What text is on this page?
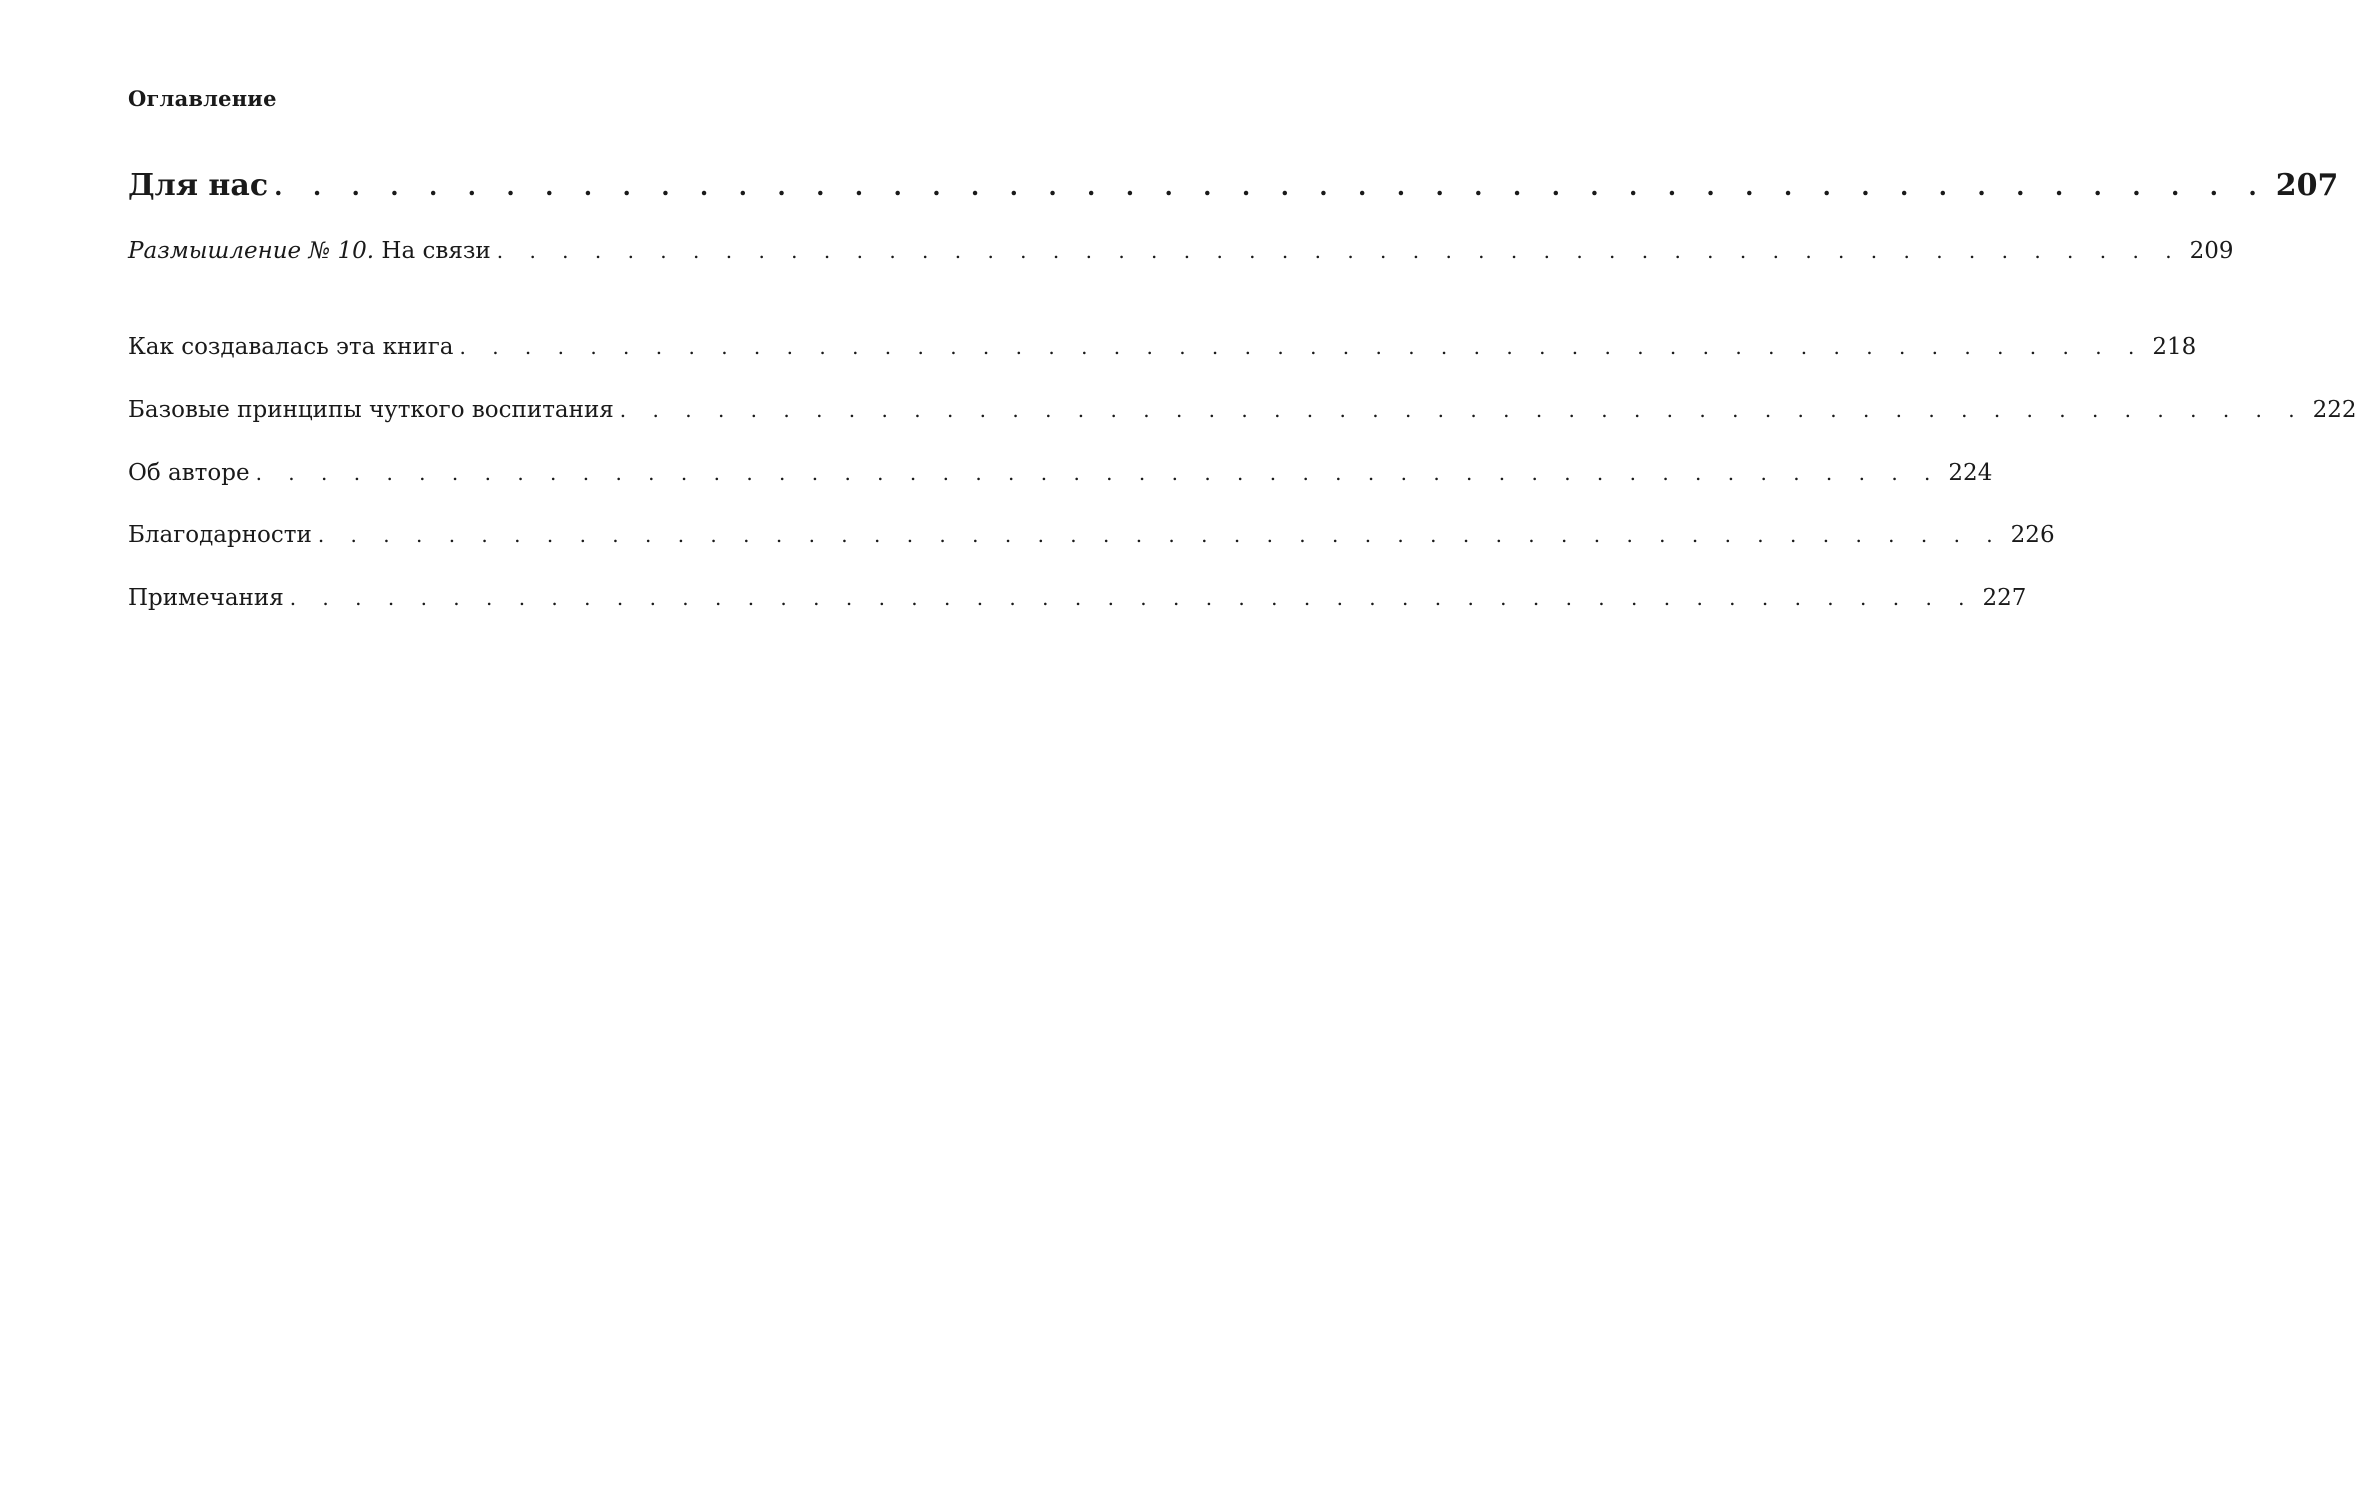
Оглавление
Для нас . . . . . . . . . . . . . . . . . . . . . . . . . . . . . . . . . . . . . . . . . . . . . . . . . . . . 207
Размышление № 10. На связи . . . . . . . . . . . . . . . . . . . . . . . . . . . . . . . . . . . . . . . . . . . . . . . . . . . . 209
Как создавалась эта книга . . . . . . . . . . . . . . . . . . . . . . . . . . . . . . . . . . . . . . . . . . . . . . . . . . . . 218
Базовые принципы чуткого воспитания . . . . . . . . . . . . . . . . . . . . . . . . . . . . . . . . . . . . . . . . . . . . . . . . . . . . 222
Об авторе . . . . . . . . . . . . . . . . . . . . . . . . . . . . . . . . . . . . . . . . . . . . . . . . . . . . 224
Благодарности . . . . . . . . . . . . . . . . . . . . . . . . . . . . . . . . . . . . . . . . . . . . . . . . . . . . 226
Примечания . . . . . . . . . . . . . . . . . . . . . . . . . . . . . . . . . . . . . . . . . . . . . . . . . . . . 227
